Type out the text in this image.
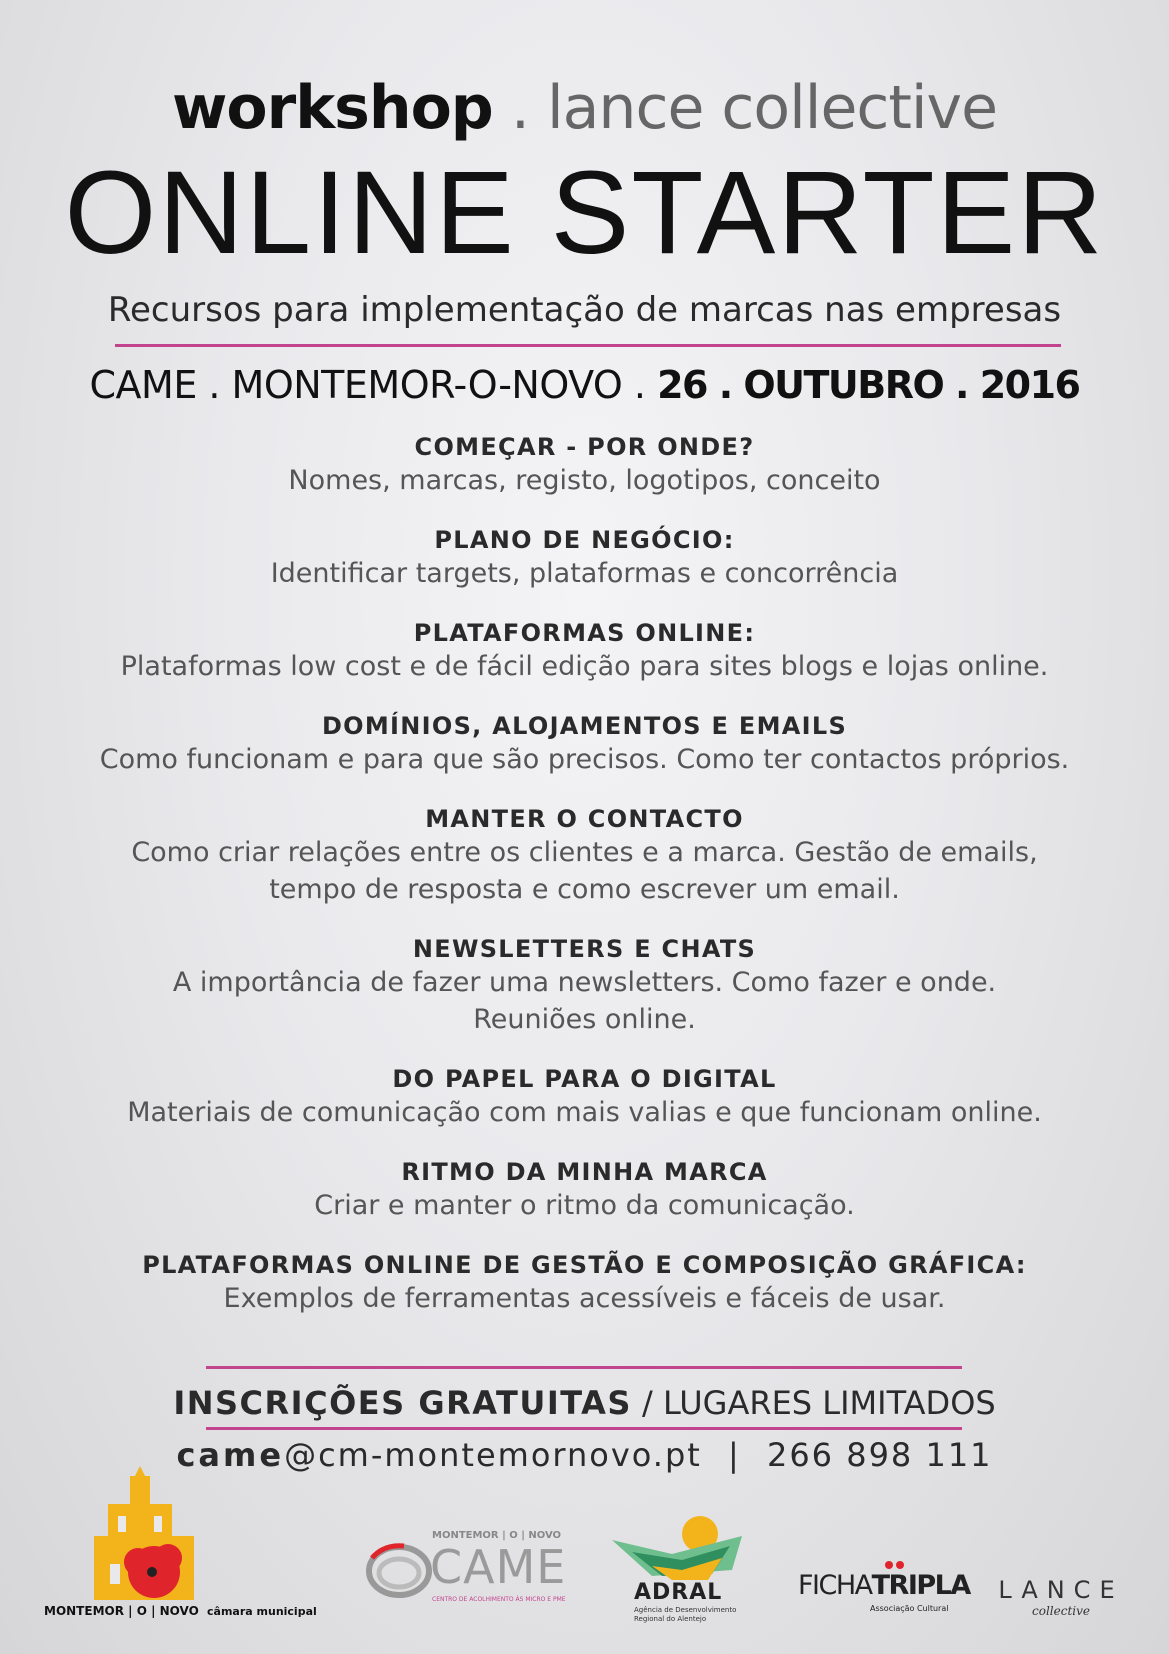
workshop . lance collective
ONLINE STARTER
Recursos para implementação de marcas nas empresas
CAME . MONTEMOR-O-NOVO . 26 . OUTUBRO . 2016
COMEÇAR - POR ONDE?

Nomes, marcas, registo, logotipos, conceito

PLANO DE NEGÓCIO:

Identificar targets, plataformas e concorrência

PLATAFORMAS ONLINE:

Plataformas low cost e de fácil edição para sites blogs e lojas online.

DOMÍNIOS, ALOJAMENTOS E EMAILS

Como funcionam e para que são precisos. Como ter contactos próprios.

MANTER O CONTACTO

Como criar relações entre os clientes e a marca. Gestão de emails,

tempo de resposta e como escrever um email.

NEWSLETTERS E CHATS

A importância de fazer uma newsletters. Como fazer e onde.

Reuniões online.

DO PAPEL PARA O DIGITAL

Materiais de comunicação com mais valias e que funcionam online.

RITMO DA MINHA MARCA

Criar e manter o ritmo da comunicação.

PLATAFORMAS ONLINE DE GESTÃO E COMPOSIÇÃO GRÁFICA:

Exemplos de ferramentas acessíveis e fáceis de usar.

INSCRIÇÕES GRATUITAS / LUGARES LIMITADOS
came@cm-montemornovo.pt | 266 898 111
MONTEMOR | O | NOVO câmara municipal
MONTEMOR | O | NOVO
CAME
CENTRO DE ACOLHIMENTO ÀS MICRO E PME	ADRAL
Agência de Desenvolvimento
Regional do Alentejo
FICHATRIPLA
Associação Cultural
LANCE
collective
